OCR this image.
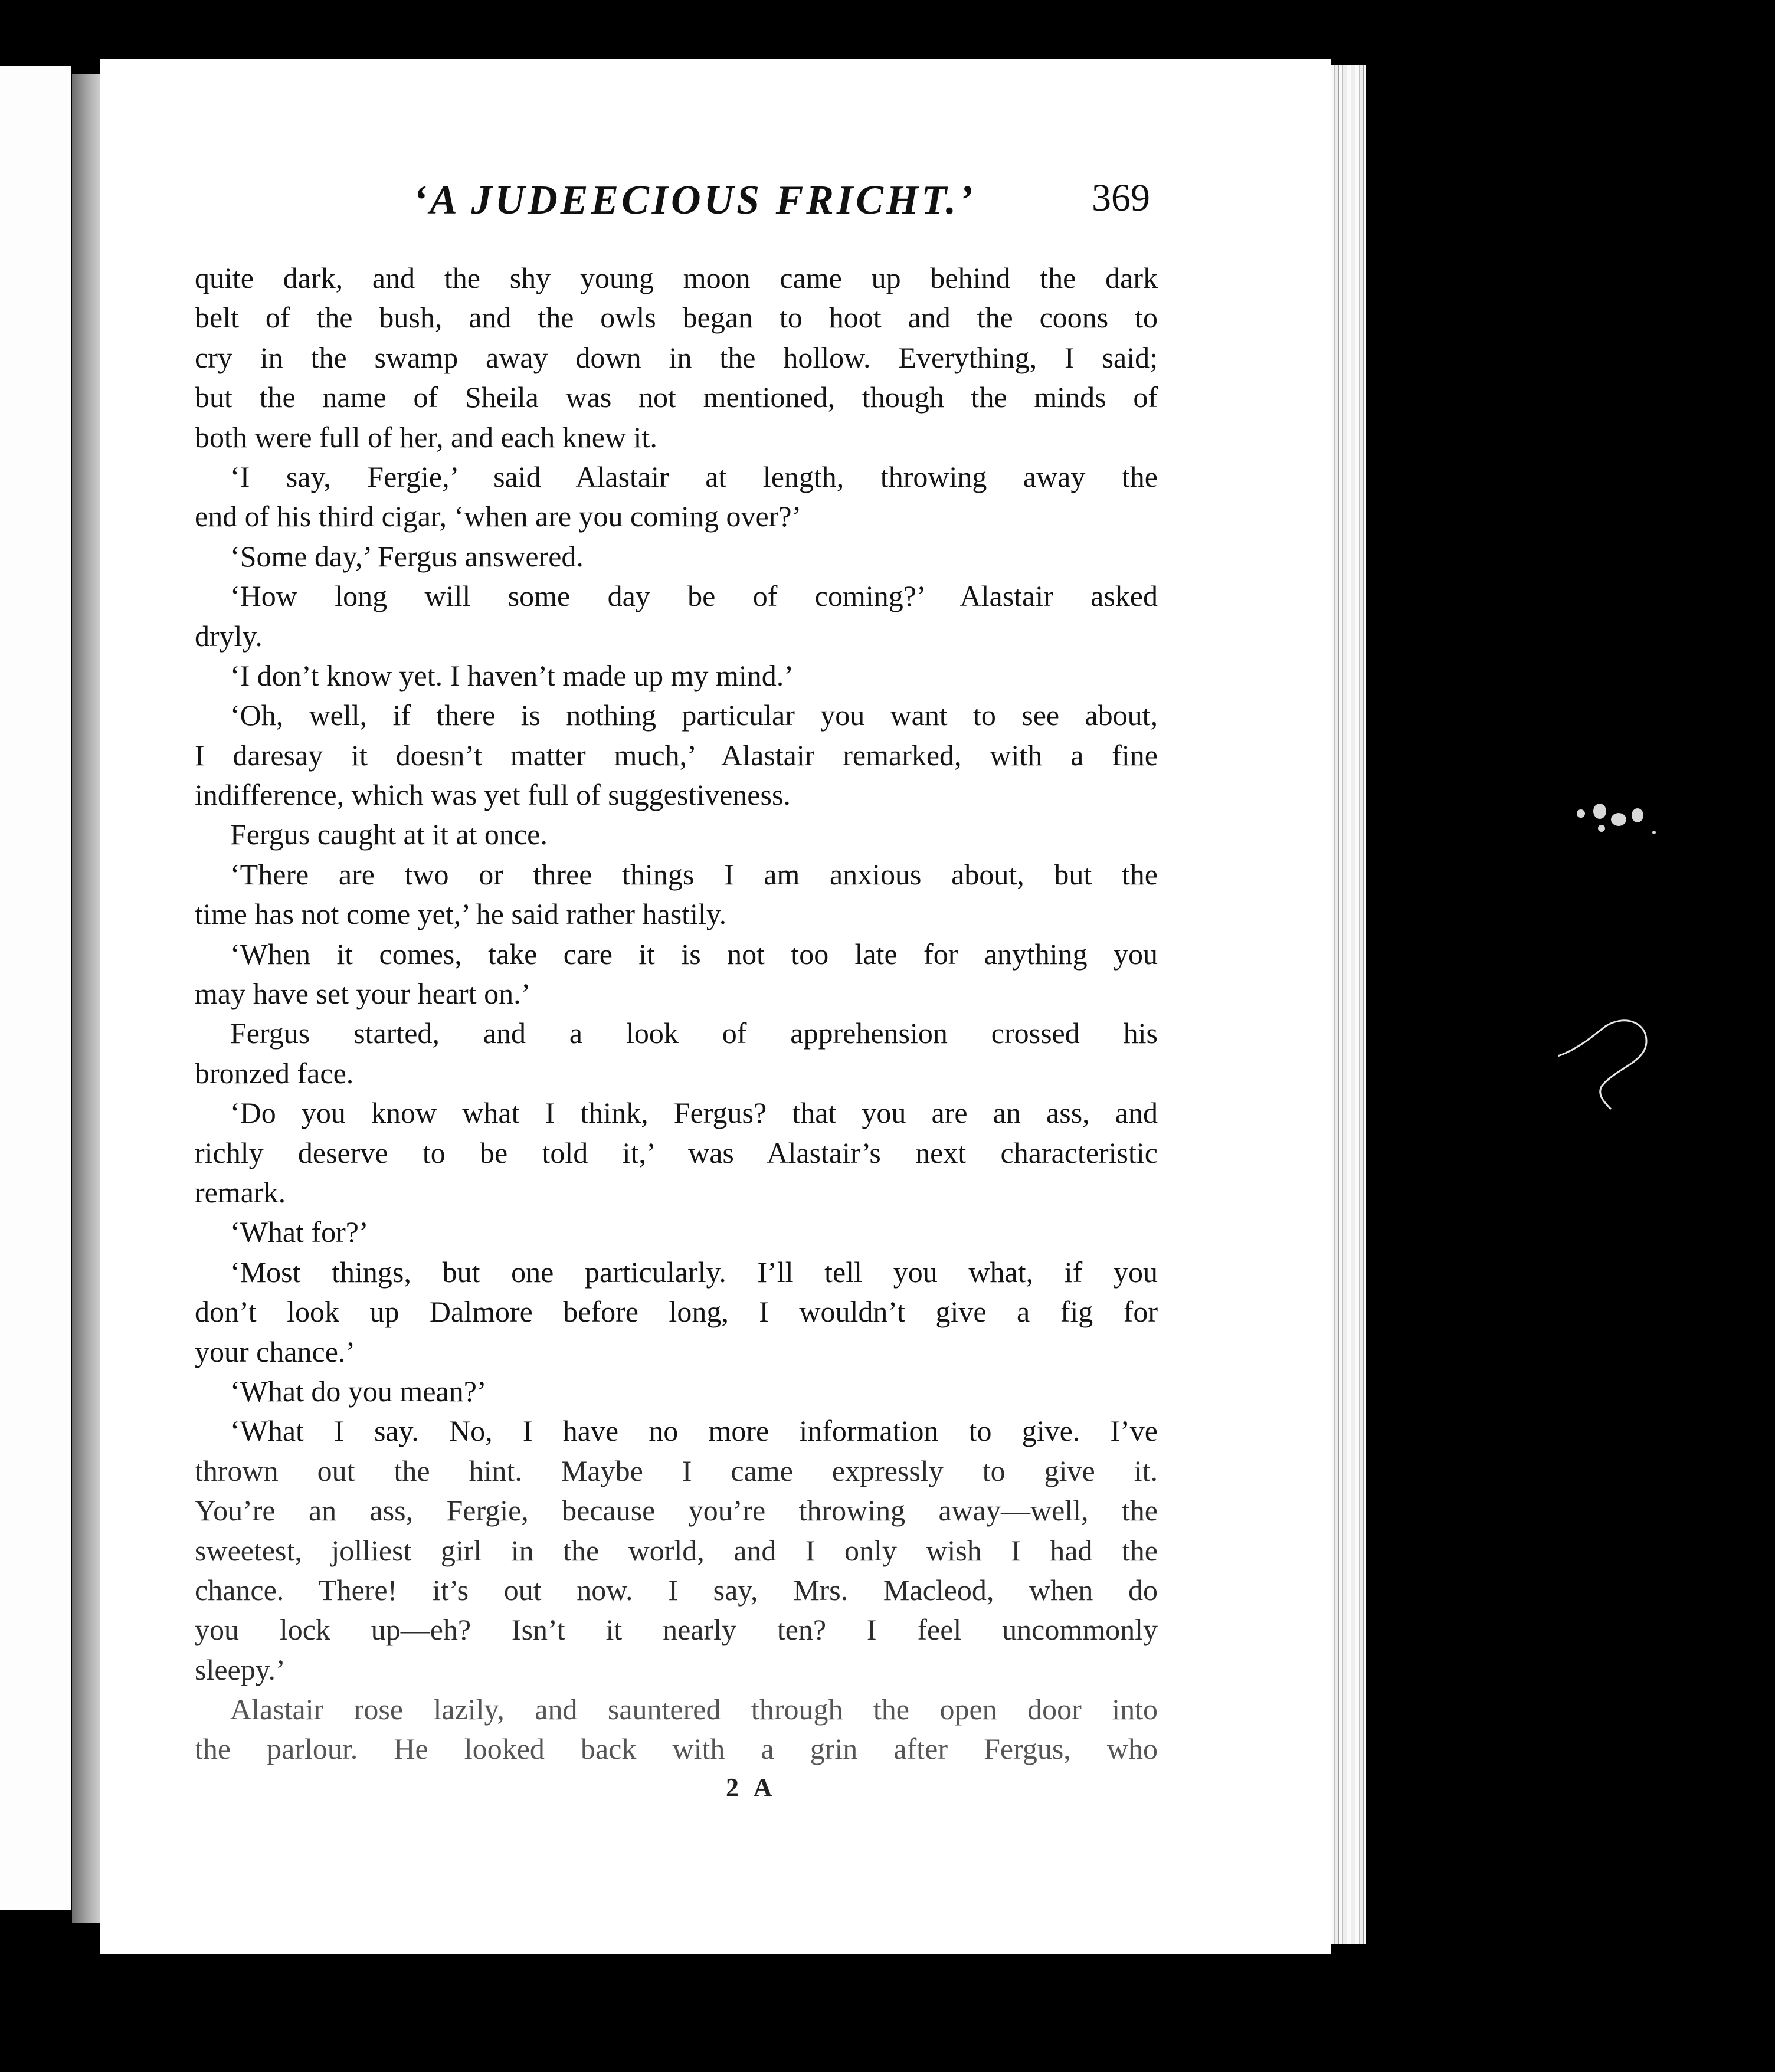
‘A JUDEECIOUS FRICHT.’	369
quite dark, and the shy young moon came up behind the dark
belt of the bush, and the owls began to hoot and the coons to
cry in the swamp away down in the hollow. Everything, I said;
but the name of Sheila was not mentioned, though the minds of
both were full of her, and each knew it.
‘I say, Fergie,’ said Alastair at length, throwing away the
end of his third cigar, ‘when are you coming over?’
‘Some day,’ Fergus answered.
‘How long will some day be of coming?’ Alastair asked
dryly.
‘I don’t know yet. I haven’t made up my mind.’
‘Oh, well, if there is nothing particular you want to see about,
I daresay it doesn’t matter much,’ Alastair remarked, with a fine
indifference, which was yet full of suggestiveness.
Fergus caught at it at once.
‘There are two or three things I am anxious about, but the
time has not come yet,’ he said rather hastily.
‘When it comes, take care it is not too late for anything you
may have set your heart on.’
Fergus started, and a look of apprehension crossed his
bronzed face.
‘Do you know what I think, Fergus? that you are an ass, and
richly deserve to be told it,’ was Alastair’s next characteristic
remark.
‘What for?’
‘Most things, but one particularly. I’ll tell you what, if you
don’t look up Dalmore before long, I wouldn’t give a fig for
your chance.’
‘What do you mean?’
‘What I say. No, I have no more information to give. I’ve
thrown out the hint. Maybe I came expressly to give it.
You’re an ass, Fergie, because you’re throwing away—well, the
sweetest, jolliest girl in the world, and I only wish I had the
chance. There! it’s out now. I say, Mrs. Macleod, when do
you lock up—eh? Isn’t it nearly ten? I feel uncommonly
sleepy.’
Alastair rose lazily, and sauntered through the open door into
the parlour. He looked back with a grin after Fergus, who
2 A
